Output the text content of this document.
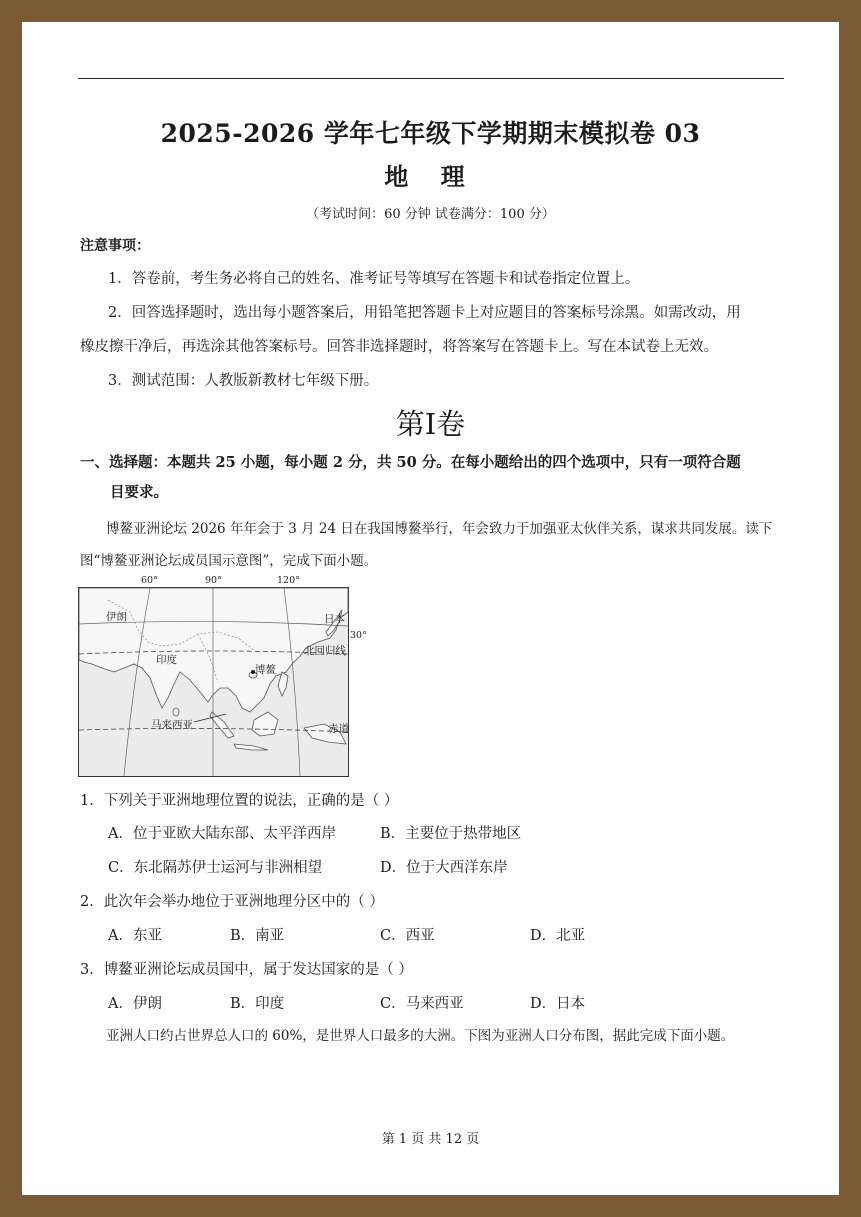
2025-2026 学年七年级下学期期末模拟卷 03
地 理
（考试时间：60 分钟 试卷满分：100 分）
注意事项：
1．答卷前，考生务必将自己的姓名、准考证号等填写在答题卡和试卷指定位置上。
2．回答选择题时，选出每小题答案后，用铅笔把答题卡上对应题目的答案标号涂黑。如需改动，用
橡皮擦干净后，再选涂其他答案标号。回答非选择题时，将答案写在答题卡上。写在本试卷上无效。
3．测试范围：人教版新教材七年级下册。
第I卷
一、选择题：本题共 25 小题，每小题 2 分，共 50 分。在每小题给出的四个选项中，只有一项符合题
目要求。
博鳌亚洲论坛 2026 年年会于 3 月 24 日在我国博鳌举行，年会致力于加强亚太伙伴关系，谋求共同发展。读下图“博鳌亚洲论坛成员国示意图”，完成下面小题。
60°	90°	120°
30°
伊朗	日本
印度
北回归线
博鳌
马来西亚	赤道
1．下列关于亚洲地理位置的说法，正确的是（ ）
A．位于亚欧大陆东部、太平洋西岸	B．主要位于热带地区
C．东北隔苏伊士运河与非洲相望	D．位于大西洋东岸
2．此次年会举办地位于亚洲地理分区中的（ ）
A．东亚	B．南亚	C．西亚	D．北亚
3．博鳌亚洲论坛成员国中，属于发达国家的是（ ）
A．伊朗	B．印度	C．马来西亚	D．日本
亚洲人口约占世界总人口的 60%，是世界人口最多的大洲。下图为亚洲人口分布图，据此完成下面小题。
第 1 页 共 12 页
